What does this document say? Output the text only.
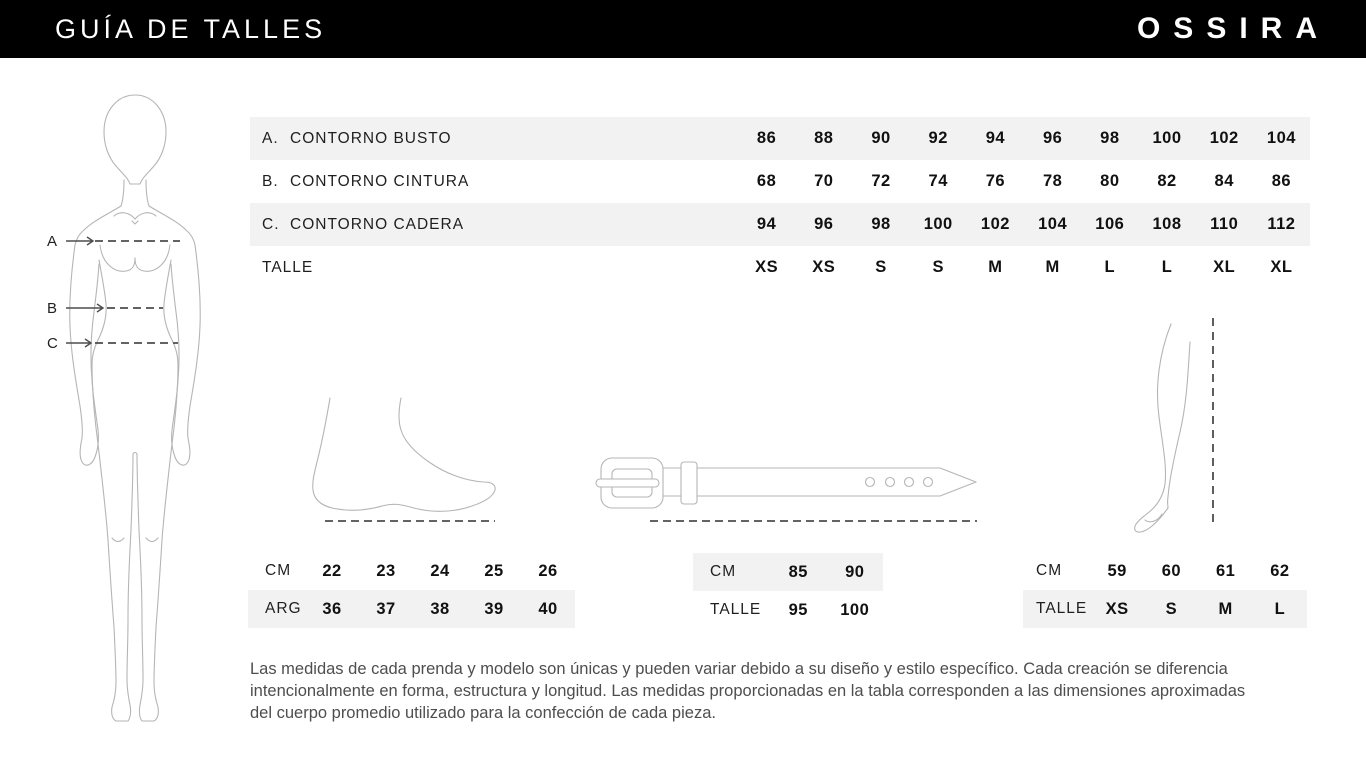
GUÍA DE TALLES	OSSIRA
A
B
C
A. CONTORNO BUSTO	86	88	90	92	94	96	98	100	102	104
B. CONTORNO CINTURA	68	70	72	74	76	78	80	82	84	86
C. CONTORNO CADERA	94	96	98	100	102	104	106	108	110	112
TALLE	XS	XS	S	S	M	M	L	L	XL	XL
CM	22	23	24	25	26
ARG	36	37	38	39	40
CM	85	90
TALLE	95	100
CM	59	60	61	62
TALLE	XS	S	M	L
Las medidas de cada prenda y modelo son únicas y pueden variar debido a su diseño y estilo específico. Cada creación se diferencia
intencionalmente en forma, estructura y longitud. Las medidas proporcionadas en la tabla corresponden a las dimensiones aproximadas
del cuerpo promedio utilizado para la confección de cada pieza.
